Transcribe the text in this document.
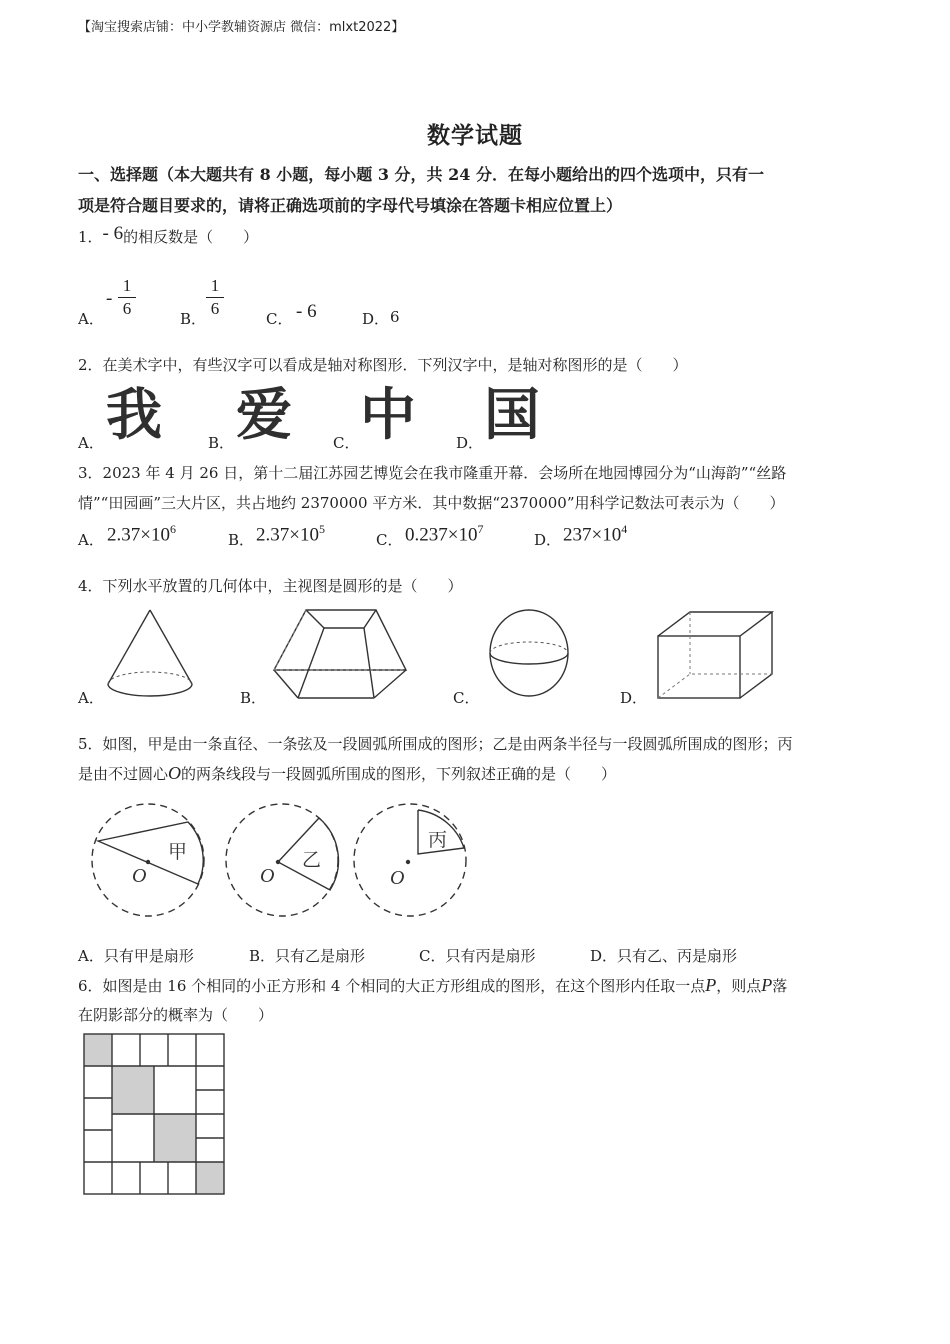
【淘宝搜索店铺：中小学教辅资源店 微信：mlxt2022】
数学试题
一、选择题（本大题共有 8 小题，每小题 3 分，共 24 分．在每小题给出的四个选项中，只有一
项是符合题目要求的，请将正确选项前的字母代号填涂在答题卡相应位置上）
1．- 6的相反数是（　　）
A．
-
1
6
B．
1
6
C． - 6	D． 6
2．在美术字中，有些汉字可以看成是轴对称图形．下列汉字中，是轴对称图形的是（　　）
A． 我	B． 爱	C． 中	D． 国
3．2023 年 4 月 26 日，第十二届江苏园艺博览会在我市隆重开幕．会场所在地园博园分为“山海韵”“丝路
情”“田园画”三大片区，共占地约 2370000 平方米．其中数据“2370000”用科学记数法可表示为（　　）
A． $2.37\times 10^6$
B． $2.37\times 10^5$
C． $0.237\times 10^7$
D． $237\times 10^4$
4．下列水平放置的几何体中，主视图是圆形的是（　　）
A．	B．	C．	D．
5．如图，甲是由一条直径、一条弦及一段圆弧所围成的图形；乙是由两条半径与一段圆弧所围成的图形；丙
是由不过圆心O的两条线段与一段圆弧所围成的图形，下列叙述正确的是（　　）
甲
O
乙
O
丙
O
A．只有甲是扇形	B．只有乙是扇形	C．只有丙是扇形	D．只有乙、丙是扇形
6．如图是由 16 个相同的小正方形和 4 个相同的大正方形组成的图形，在这个图形内任取一点P，则点P落
在阴影部分的概率为（　　）
